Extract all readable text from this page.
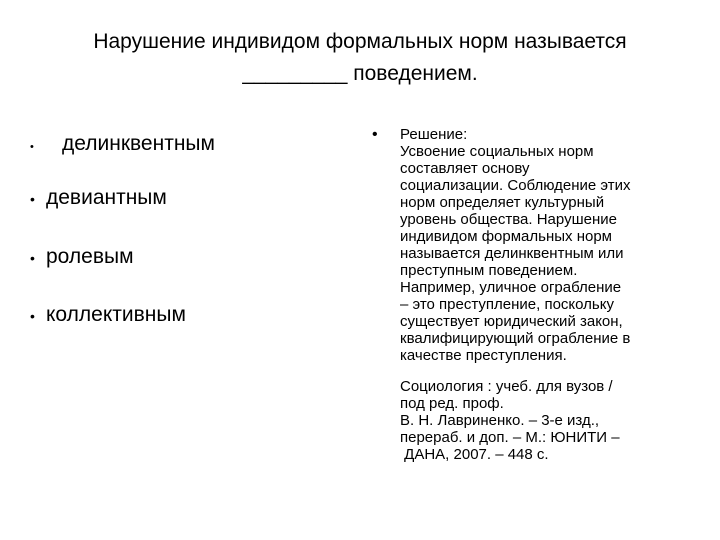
Нарушение индивидом формальных норм называется
_________ поведением.
•	делинквентным
• девиантным
• ролевым
• коллективным
• Решение:
Усвоение социальных норм
составляет основу
социализации. Соблюдение этих
норм определяет культурный
уровень общества. Нарушение
индивидом формальных норм
называется делинквентным или
преступным поведением.
Например, уличное ограбление
– это преступление, поскольку
существует юридический закон,
квалифицирующий ограбление в
качестве преступления.
Социология : учеб. для вузов /
под ред. проф.
В. Н. Лавриненко. – 3-е изд.,
перераб. и доп. – М.: ЮНИТИ –
ДАНА, 2007. – 448 с.
